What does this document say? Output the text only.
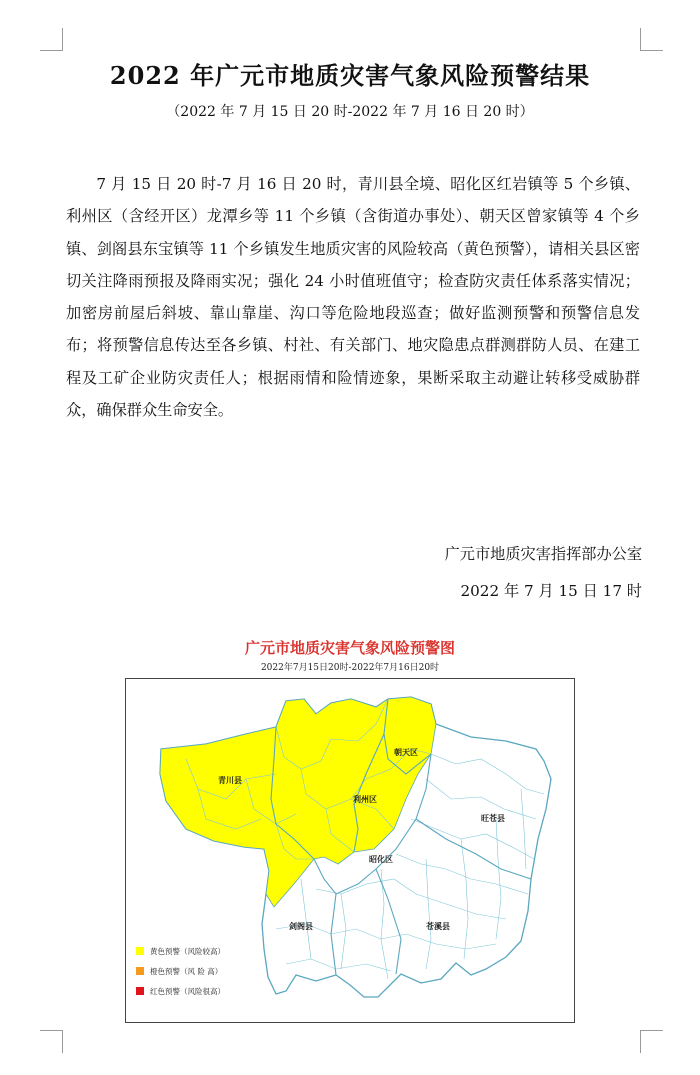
2022 年广元市地质灾害气象风险预警结果
（2022 年 7 月 15 日 20 时-2022 年 7 月 16 日 20 时）

7 月 15 日 20 时-7 月 16 日 20 时，青川县全境、昭化区红岩镇等 5 个乡镇、利州区（含经开区）龙潭乡等 11 个乡镇（含街道办事处）、朝天区曾家镇等 4 个乡镇、剑阁县东宝镇等 11 个乡镇发生地质灾害的风险较高（黄色预警），请相关县区密切关注降雨预报及降雨实况；强化 24 小时值班值守；检查防灾责任体系落实情况；加密房前屋后斜坡、靠山靠崖、沟口等危险地段巡查；做好监测预警和预警信息发布；将预警信息传达至各乡镇、村社、有关部门、地灾隐患点群测群防人员、在建工程及工矿企业防灾责任人；根据雨情和险情迹象，果断采取主动避让转移受威胁群众，确保群众生命安全。

广元市地质灾害指挥部办公室
2022 年 7 月 15 日 17 时
广元市地质灾害气象风险预警图
2022年7月15日20时-2022年7月16日20时
青川县
朝天区
利州区
旺苍县
昭化区
剑阁县	苍溪县
黄色预警（风险较高）
橙色预警（风 险 高）
红色预警（风险很高）
